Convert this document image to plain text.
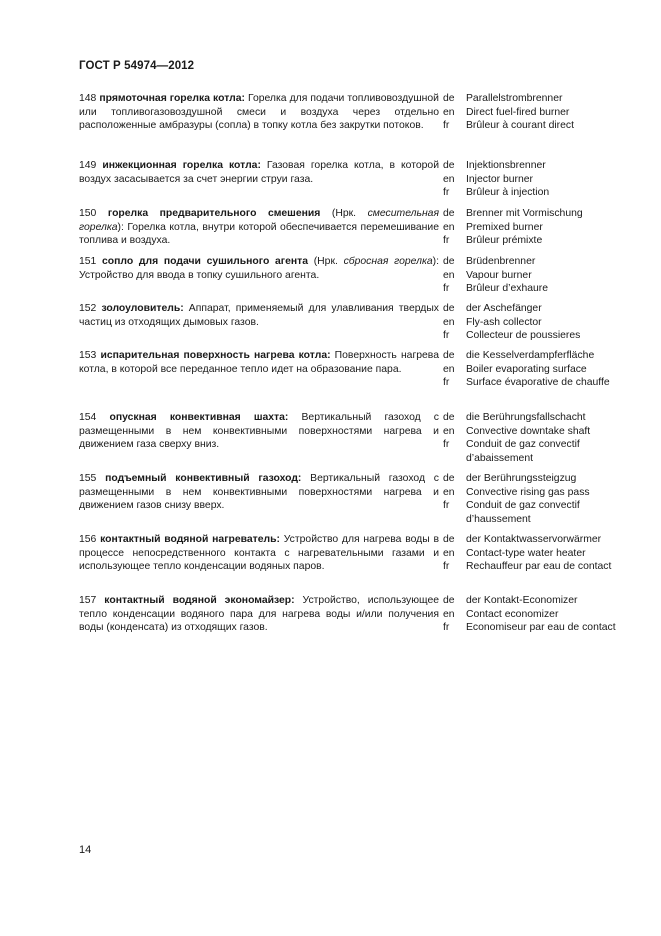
ГОСТ Р 54974—2012
148 прямоточная горелка котла: Горелка для подачи топливовоздушной или топливогазовоздушной смеси и воздуха через отдельно расположенные амбразуры (сопла) в топку котла без закрутки потоков.
de
en
fr
Parallelstrombrenner
Direct fuel-fired burner
Brûleur à courant direct
149 инжекционная горелка котла: Газовая горелка котла, в которой воздух засасывается за счет энергии струи газа.
de
en
fr
Injektionsbrenner
Injector burner
Brûleur à injection
150 горелка предварительного смешения (Нрк. смесительная горелка): Горелка котла, внутри которой обеспечивается перемешивание топлива и воздуха.
de
en
fr
Brenner mit Vormischung
Premixed burner
Brûleur prémixte
151 сопло для подачи сушильного агента (Нрк. сбросная горелка): Устройство для ввода в топку сушильного агента.
de
en
fr
Brüdenbrenner
Vapour burner
Brûleur d’exhaure
152 золоуловитель: Аппарат, применяемый для улавливания твердых частиц из отходящих дымовых газов.
de
en
fr
der Aschefänger
Fly-ash collector
Collecteur de poussieres
153 испарительная поверхность нагрева котла: Поверхность нагрева котла, в которой все переданное тепло идет на образование пара.
de
en
fr
die Kesselverdampferfläche
Boiler evaporating surface
Surface évaporative de chauffe
154 опускная конвективная шахта: Вертикальный газоход с размещенными в нем конвективными поверхностями нагрева и движением газа сверху вниз.
de
en
fr
die Berührungsfallschacht
Convective downtake shaft
Conduit de gaz convectif d’abaissement
155 подъемный конвективный газоход: Вертикальный газоход с размещенными в нем конвективными поверхностями нагрева и движением газов снизу вверх.
de
en
fr
der Berührungssteigzug
Convective rising gas pass
Conduit de gaz convectif d’haussement
156 контактный водяной нагреватель: Устройство для нагрева воды в процессе непосредственного контакта с нагревательными газами и использующее тепло конденсации водяных паров.
de
en
fr
der Kontaktwasservorwärmer
Contact-type water heater
Rechauffeur par eau de contact
157 контактный водяной экономайзер: Устройство, использующее тепло конденсации водяного пара для нагрева воды и/или получения воды (конденсата) из отходящих газов.
de
en
fr
der Kontakt-Economizer
Contact economizer
Economiseur par eau de contact
14
